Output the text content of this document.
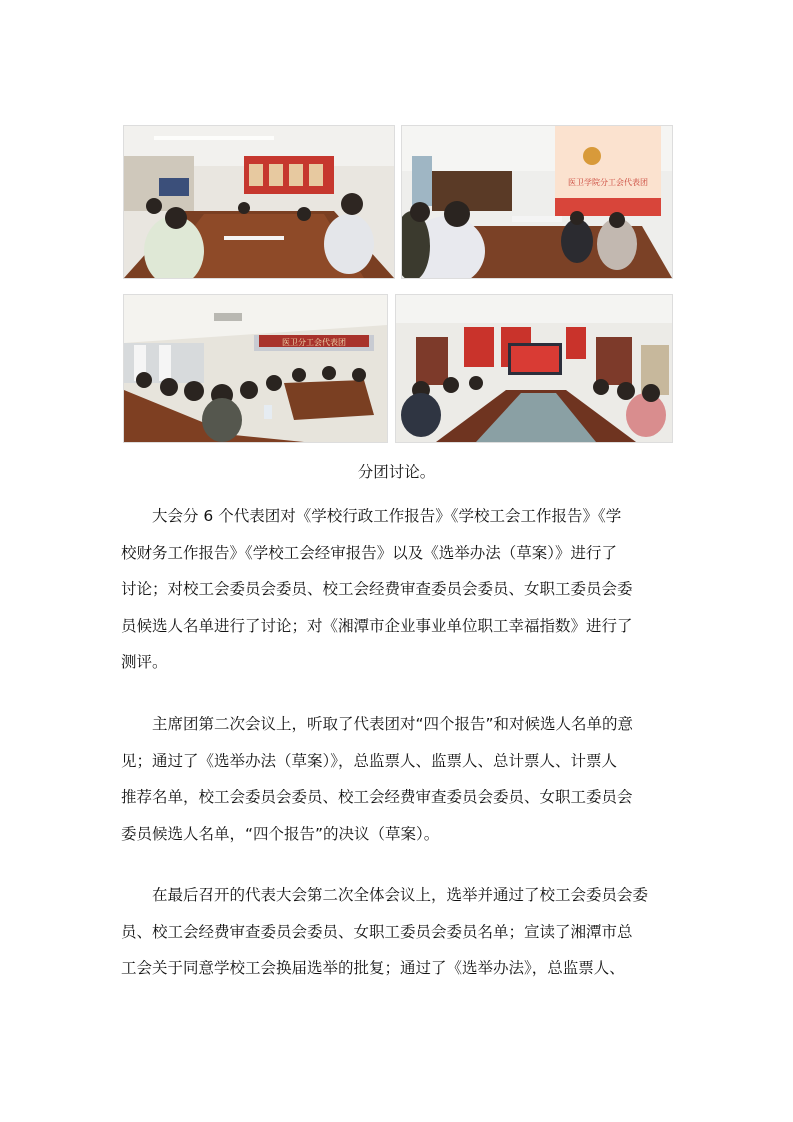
医卫学院分工会代表团
医卫分工会代表团
分团讨论。
大会分 6 个代表团对《学校行政工作报告》《学校工会工作报告》《学
校财务工作报告》《学校工会经审报告》以及《选举办法（草案）》进行了
讨论；对校工会委员会委员、校工会经费审查委员会委员、女职工委员会委
员候选人名单进行了讨论；对《湘潭市企业事业单位职工幸福指数》进行了
测评。
主席团第二次会议上，听取了代表团对“四个报告”和对候选人名单的意
见；通过了《选举办法（草案）》，总监票人、监票人、总计票人、计票人
推荐名单，校工会委员会委员、校工会经费审查委员会委员、女职工委员会
委员候选人名单，“四个报告”的决议（草案）。
在最后召开的代表大会第二次全体会议上，选举并通过了校工会委员会委
员、校工会经费审查委员会委员、女职工委员会委员名单；宣读了湘潭市总
工会关于同意学校工会换届选举的批复；通过了《选举办法》，总监票人、
